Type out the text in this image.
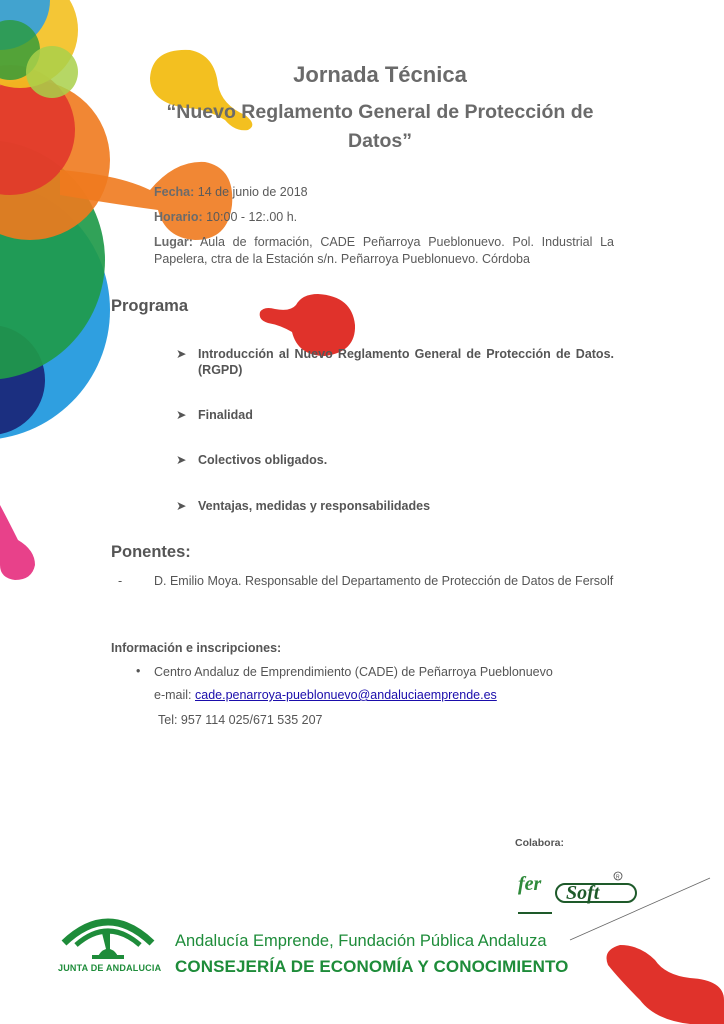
Jornada Técnica
“Nuevo Reglamento General de Protección de Datos”
Fecha: 14 de junio de 2018
Horario: 10:00 - 12:.00 h.
Lugar: Aula de formación, CADE Peñarroya Pueblonuevo. Pol. Industrial La Papelera, ctra de la Estación s/n. Peñarroya Pueblonuevo. Córdoba
Programa
➤ Introducción al Nuevo Reglamento General de Protección de Datos. (RGPD)
➤ Finalidad
➤ Colectivos obligados.
➤ Ventajas, medidas y responsabilidades
Ponentes:
-	D. Emilio Moya. Responsable del Departamento de Protección de Datos de Fersolf
Información e inscripciones:
• Centro Andaluz de Emprendimiento (CADE) de Peñarroya Pueblonuevo
e-mail: cade.penarroya-pueblonuevo@andaluciaemprende.es
Tel: 957 114 025/671 535 207
Colabora:
fer Soft
R
JUNTA DE ANDALUCIA
Andalucía Emprende, Fundación Pública Andaluza
CONSEJERÍA DE ECONOMÍA Y CONOCIMIENTO
